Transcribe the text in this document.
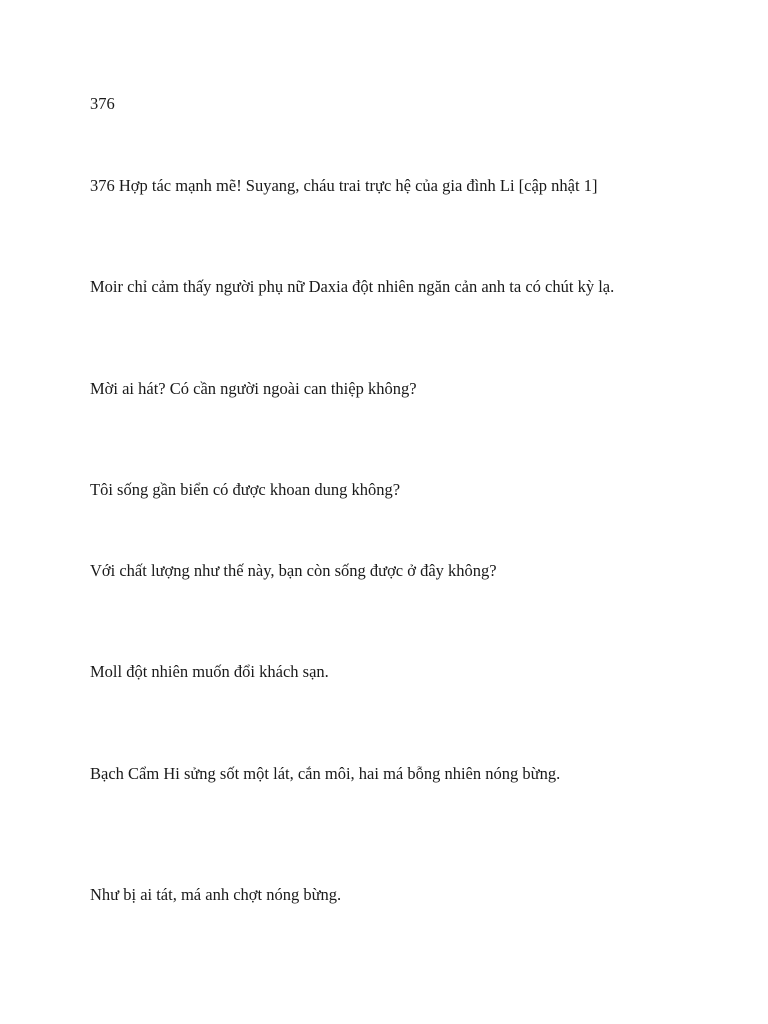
376

376 Hợp tác mạnh mẽ! Suyang, cháu trai trực hệ của gia đình Li [cập nhật 1]

Moir chỉ cảm thấy người phụ nữ Daxia đột nhiên ngăn cản anh ta có chút kỳ lạ.

Mời ai hát? Có cần người ngoài can thiệp không?

Tôi sống gần biển có được khoan dung không?

Với chất lượng như thế này, bạn còn sống được ở đây không?

Moll đột nhiên muốn đổi khách sạn.

Bạch Cẩm Hi sửng sốt một lát, cắn môi, hai má bỗng nhiên nóng bừng.

Như bị ai tát, má anh chợt nóng bừng.
